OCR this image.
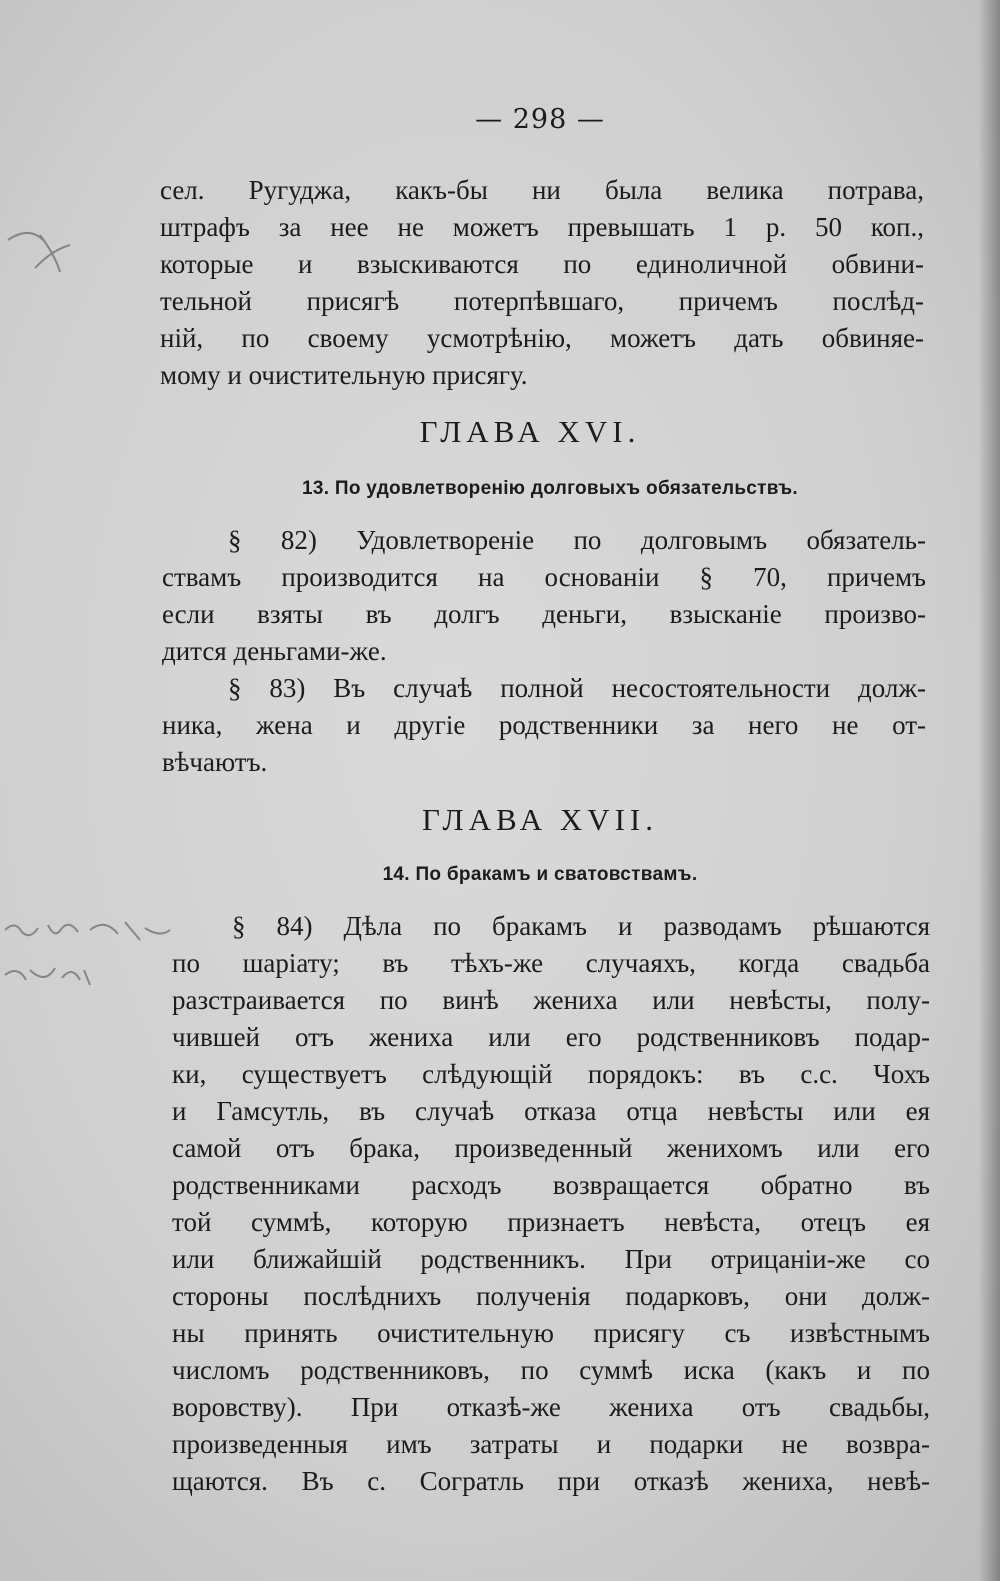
— 298 —
сел. Ругуджа, какъ-бы ни была велика потрава,
штрафъ за нее не можетъ превышать 1 р. 50 коп.,
которые и взыскиваются по единоличной обвини-
тельной присягѣ потерпѣвшаго, причемъ послѣд-
нiй, по своему усмотрѣнiю, можетъ дать обвиняе-
мому и очистительную присягу.
ГЛАВА XVI.
13. По удовлетворенiю долговыхъ обязательствъ.
§ 82) Удовлетворенiе по долговымъ обязатель-
ствамъ производится на основанiи § 70, причемъ
если взяты въ долгъ деньги, взысканiе произво-
дится деньгами-же.
§ 83) Въ случаѣ полной несостоятельности долж-
ника, жена и другiе родственники за него не от-
вѣчаютъ.
ГЛАВА XVII.
14. По бракамъ и сватовствамъ.
§ 84) Дѣла по бракамъ и разводамъ рѣшаются
по шарiату; въ тѣхъ-же случаяхъ, когда свадьба
разстраивается по винѣ жениха или невѣсты, полу-
чившей отъ жениха или его родственниковъ подар-
ки, существуетъ слѣдующiй порядокъ: въ с.с. Чохъ
и Гамсутль, въ случаѣ отказа отца невѣсты или ея
самой отъ брака, произведенный женихомъ или его
родственниками расходъ возвращается обратно въ
той суммѣ, которую признаетъ невѣста, отецъ ея
или ближайшiй родственникъ. При отрицанiи-же со
стороны послѣднихъ полученiя подарковъ, они долж-
ны принять очистительную присягу съ извѣстнымъ
числомъ родственниковъ, по суммѣ иска (какъ и по
воровству). При отказѣ-же жениха отъ свадьбы,
произведенныя имъ затраты и подарки не возвра-
щаются. Въ с. Согратль при отказѣ жениха, невѣ-
